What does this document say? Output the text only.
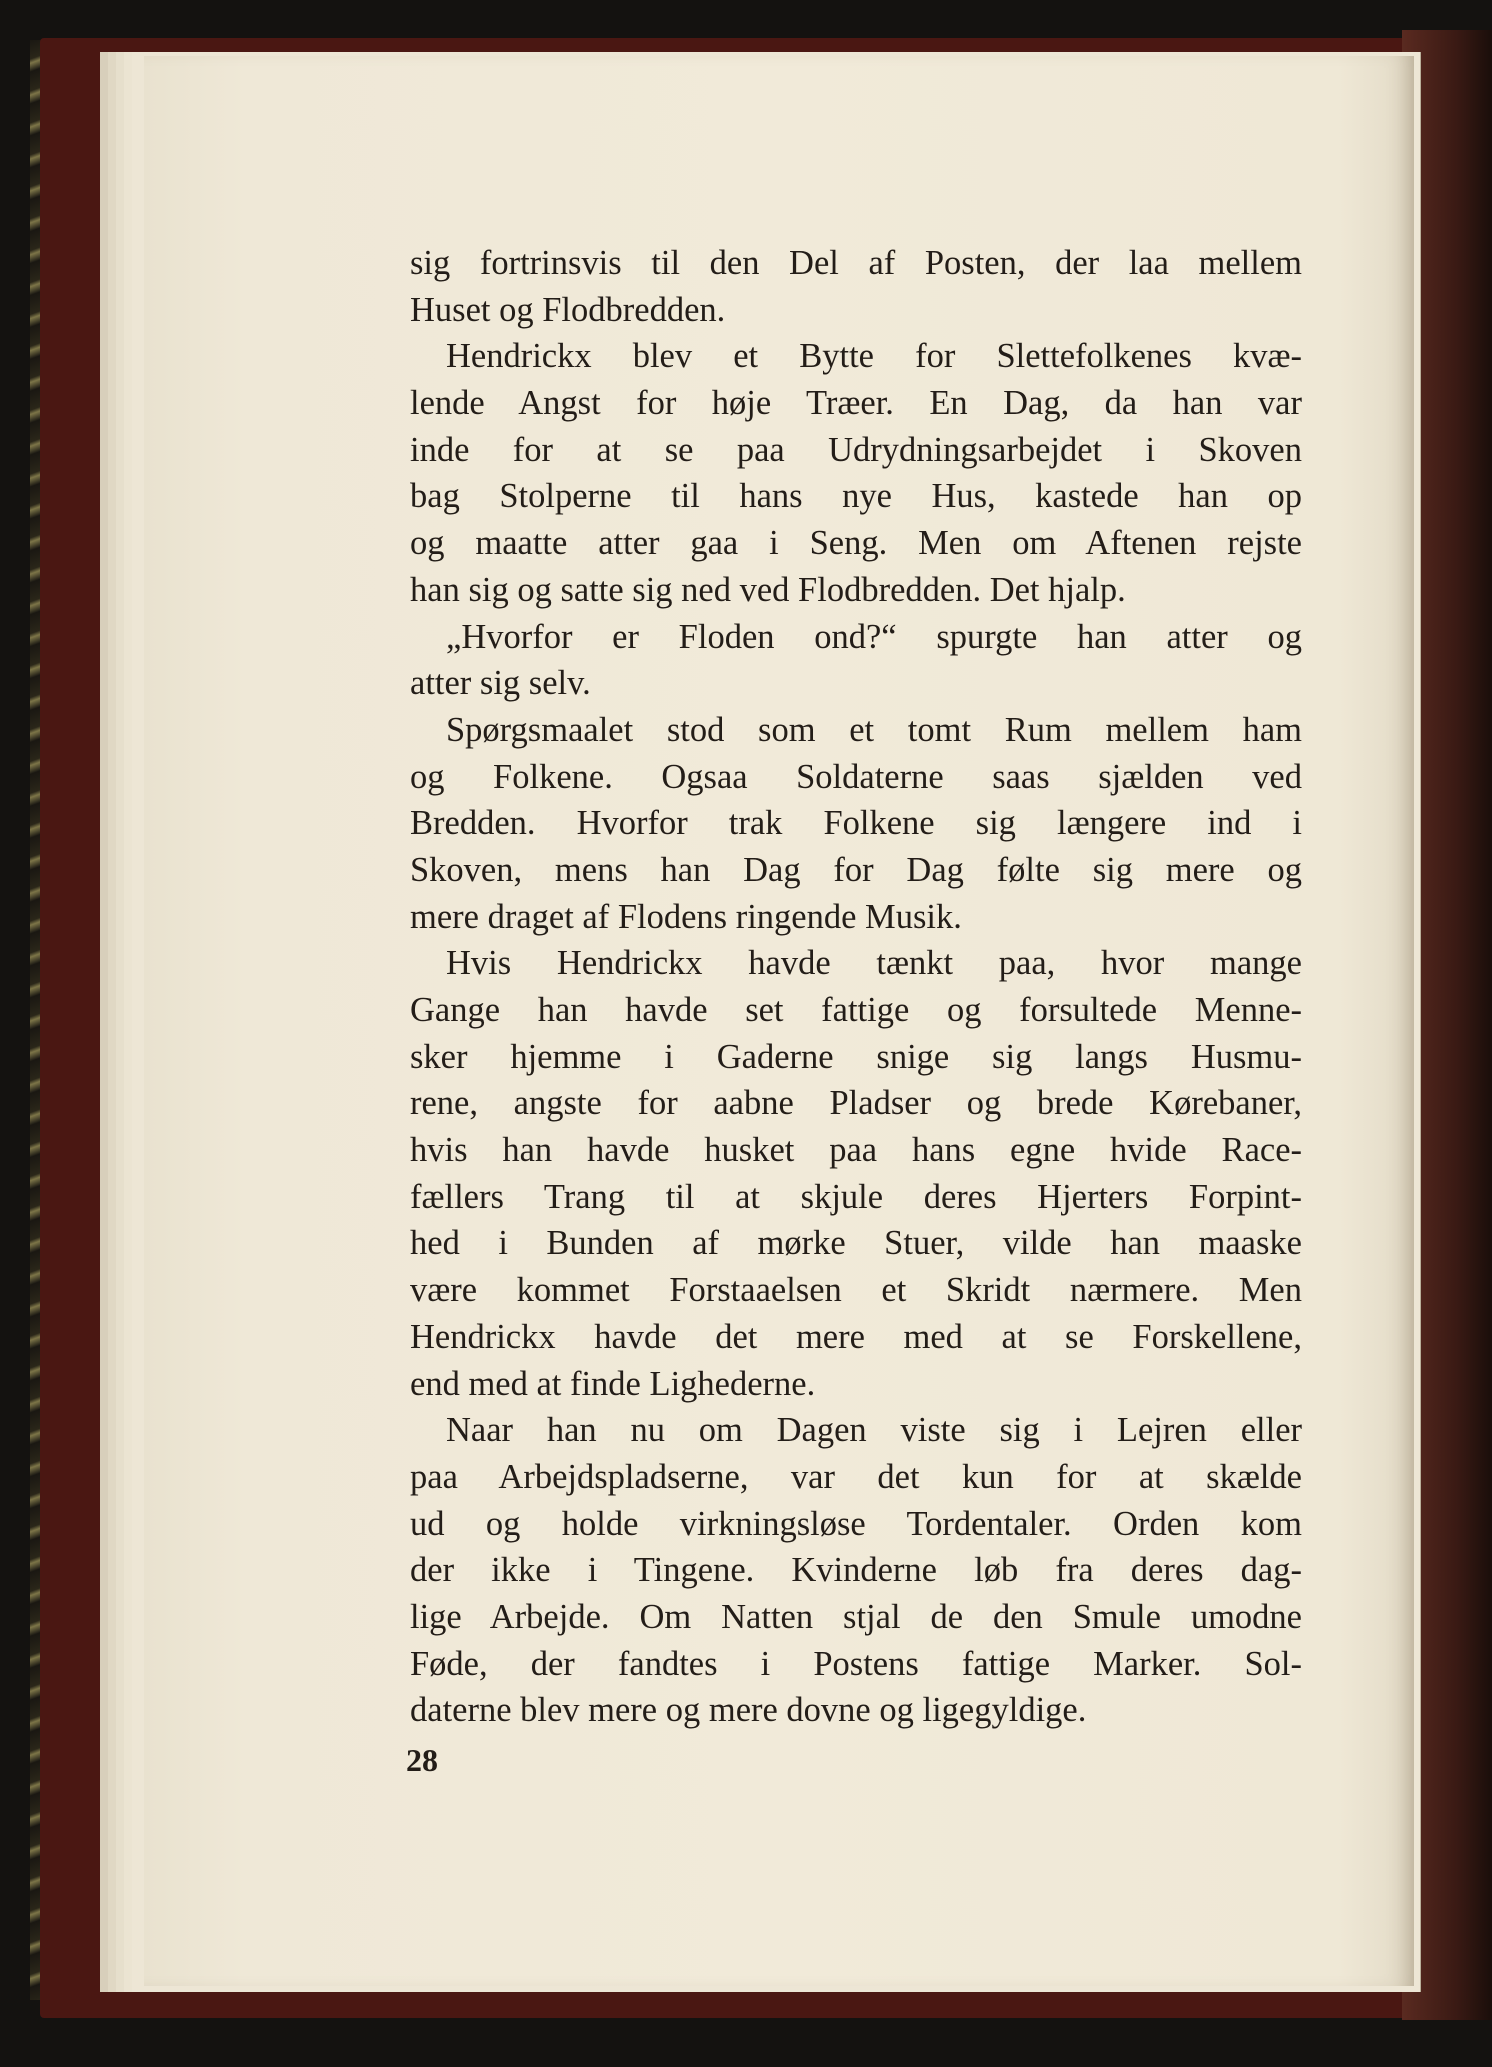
sig fortrinsvis til den Del af Posten, der laa mellem
Huset og Flodbredden.
Hendrickx blev et Bytte for Slettefolkenes kvæ-
lende Angst for høje Træer. En Dag, da han var
inde for at se paa Udrydningsarbejdet i Skoven
bag Stolperne til hans nye Hus, kastede han op
og maatte atter gaa i Seng. Men om Aftenen rejste
han sig og satte sig ned ved Flodbredden. Det hjalp.
„Hvorfor er Floden ond?“ spurgte han atter og
atter sig selv.
Spørgsmaalet stod som et tomt Rum mellem ham
og Folkene. Ogsaa Soldaterne saas sjælden ved
Bredden. Hvorfor trak Folkene sig længere ind i
Skoven, mens han Dag for Dag følte sig mere og
mere draget af Flodens ringende Musik.
Hvis Hendrickx havde tænkt paa, hvor mange
Gange han havde set fattige og forsultede Menne-
sker hjemme i Gaderne snige sig langs Husmu-
rene, angste for aabne Pladser og brede Kørebaner,
hvis han havde husket paa hans egne hvide Race-
fællers Trang til at skjule deres Hjerters Forpint-
hed i Bunden af mørke Stuer, vilde han maaske
være kommet Forstaaelsen et Skridt nærmere. Men
Hendrickx havde det mere med at se Forskellene,
end med at finde Lighederne.
Naar han nu om Dagen viste sig i Lejren eller
paa Arbejdspladserne, var det kun for at skælde
ud og holde virkningsløse Tordentaler. Orden kom
der ikke i Tingene. Kvinderne løb fra deres dag-
lige Arbejde. Om Natten stjal de den Smule umodne
Føde, der fandtes i Postens fattige Marker. Sol-
daterne blev mere og mere dovne og ligegyldige.
28
